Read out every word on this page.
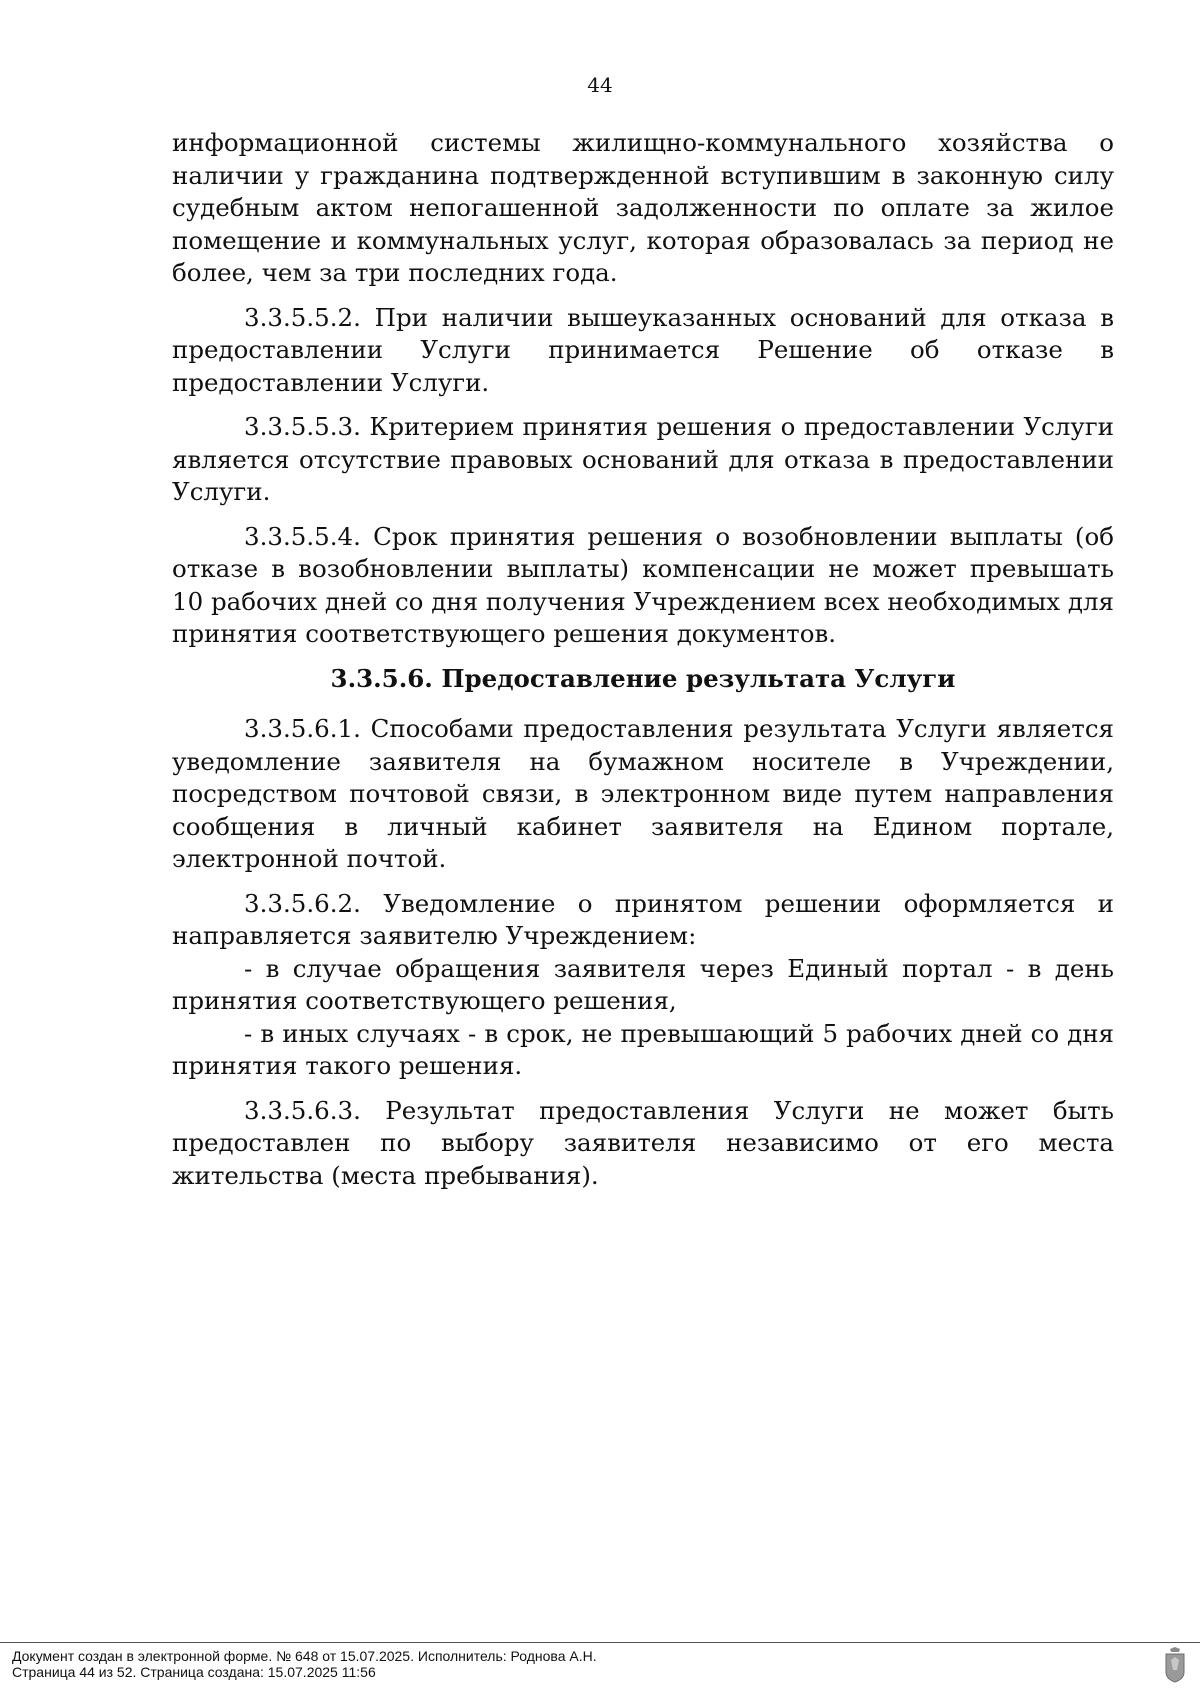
44

информационной системы жилищно-коммунального хозяйства о наличии у гражданина подтвержденной вступившим в законную силу судебным актом непогашенной задолженности по оплате за жилое помещение и коммунальных услуг, которая образовалась за период не более, чем за три последних года.

3.3.5.5.2. При наличии вышеуказанных оснований для отказа в предоставлении Услуги принимается Решение об отказе в предоставлении Услуги.

3.3.5.5.3. Критерием принятия решения о предоставлении Услуги является отсутствие правовых оснований для отказа в предоставлении Услуги.

3.3.5.5.4. Срок принятия решения о возобновлении выплаты (об отказе в возобновлении выплаты) компенсации не может превышать 10 рабочих дней со дня получения Учреждением всех необходимых для принятия соответствующего решения документов.

3.3.5.6. Предоставление результата Услуги

3.3.5.6.1. Способами предоставления результата Услуги является уведомление заявителя на бумажном носителе в Учреждении, посредством почтовой связи, в электронном виде путем направления сообщения в личный кабинет заявителя на Едином портале, электронной почтой.

3.3.5.6.2. Уведомление о принятом решении оформляется и направляется заявителю Учреждением:

- в случае обращения заявителя через Единый портал - в день принятия соответствующего решения,

- в иных случаях - в срок, не превышающий 5 рабочих дней со дня принятия такого решения.

3.3.5.6.3. Результат предоставления Услуги не может быть предоставлен по выбору заявителя независимо от его места жительства (места пребывания).

Документ создан в электронной форме. № 648 от 15.07.2025. Исполнитель: Роднова А.Н.
Страница 44 из 52. Страница создана: 15.07.2025 11:56
